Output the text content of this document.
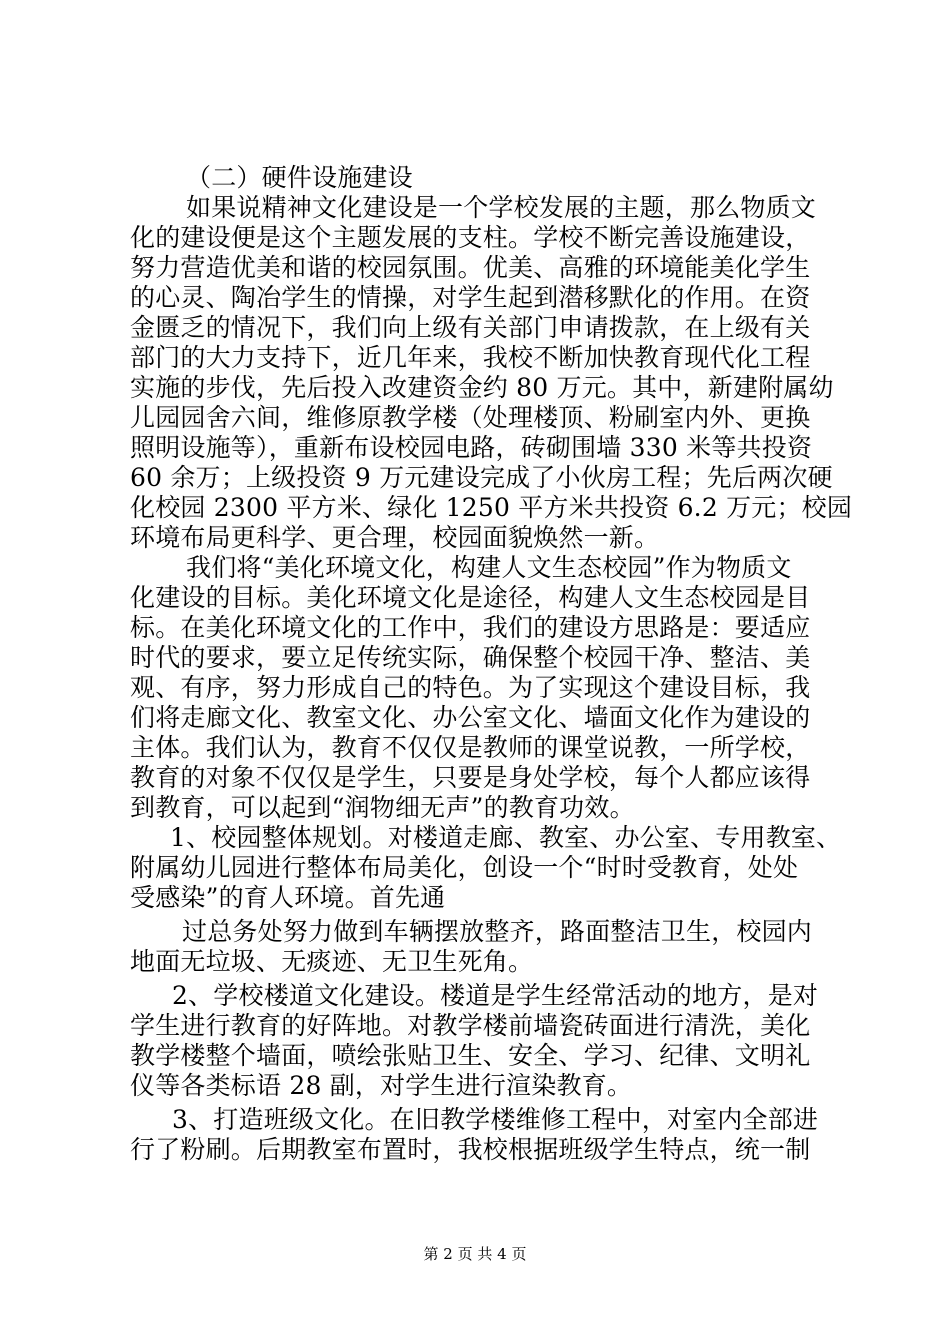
（二）硬件设施建设
如果说精神文化建设是一个学校发展的主题，那么物质文
化的建设便是这个主题发展的支柱。学校不断完善设施建设，
努力营造优美和谐的校园氛围。优美、高雅的环境能美化学生
的心灵、陶冶学生的情操，对学生起到潜移默化的作用。在资
金匮乏的情况下，我们向上级有关部门申请拨款，在上级有关
部门的大力支持下，近几年来，我校不断加快教育现代化工程
实施的步伐，先后投入改建资金约 80 万元。其中，新建附属幼
儿园园舍六间，维修原教学楼（处理楼顶、粉刷室内外、更换
照明设施等），重新布设校园电路，砖砌围墙 330 米等共投资
60 余万；上级投资 9 万元建设完成了小伙房工程；先后两次硬
化校园 2300 平方米、绿化 1250 平方米共投资 6.2 万元；校园
环境布局更科学、更合理，校园面貌焕然一新。
我们将“美化环境文化，构建人文生态校园”作为物质文
化建设的目标。美化环境文化是途径，构建人文生态校园是目
标。在美化环境文化的工作中，我们的建设方思路是：要适应
时代的要求，要立足传统实际，确保整个校园干净、整洁、美
观、有序，努力形成自己的特色。为了实现这个建设目标，我
们将走廊文化、教室文化、办公室文化、墙面文化作为建设的
主体。我们认为，教育不仅仅是教师的课堂说教，一所学校，
教育的对象不仅仅是学生，只要是身处学校，每个人都应该得
到教育，可以起到“润物细无声”的教育功效。
1、校园整体规划。对楼道走廊、教室、办公室、专用教室、
附属幼儿园进行整体布局美化，创设一个“时时受教育，处处
受感染”的育人环境。首先通
过总务处努力做到车辆摆放整齐，路面整洁卫生，校园内
地面无垃圾、无痰迹、无卫生死角。
2、学校楼道文化建设。楼道是学生经常活动的地方，是对
学生进行教育的好阵地。对教学楼前墙瓷砖面进行清洗，美化
教学楼整个墙面，喷绘张贴卫生、安全、学习、纪律、文明礼
仪等各类标语 28 副，对学生进行渲染教育。
3、打造班级文化。在旧教学楼维修工程中，对室内全部进
行了粉刷。后期教室布置时，我校根据班级学生特点，统一制
第 2 页 共 4 页
